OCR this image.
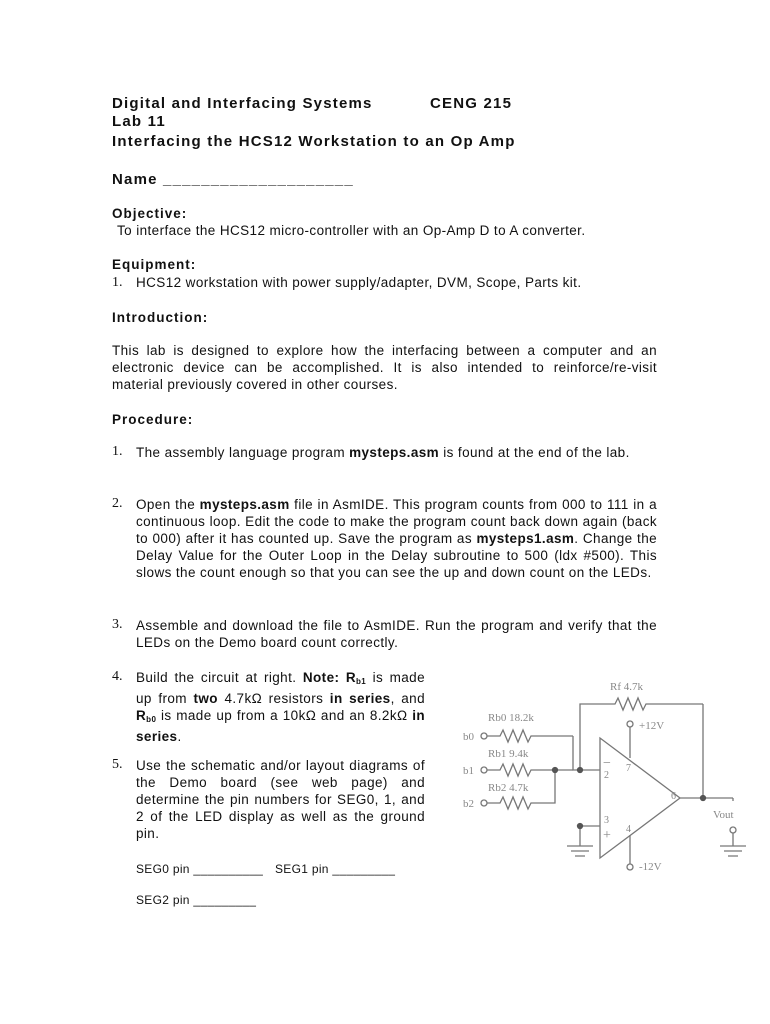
Digital and Interfacing Systems	CENG 215
Lab 11
Interfacing the HCS12 Workstation to an Op Amp
Name ____________________
Objective:
To interface the HCS12 micro-controller with an Op-Amp D to A converter.
Equipment:
1. HCS12 workstation with power supply/adapter, DVM, Scope, Parts kit.
Introduction:
This lab is designed to explore how the interfacing between a computer and an electronic device can be accomplished. It is also intended to reinforce/re-visit material previously covered in other courses.
Procedure:
1. The assembly language program mysteps.asm is found at the end of the lab.
2. Open the mysteps.asm file in AsmIDE. This program counts from 000 to 111 in a continuous loop. Edit the code to make the program count back down again (back to 000) after it has counted up. Save the program as mysteps1.asm. Change the Delay Value for the Outer Loop in the Delay subroutine to 500 (ldx #500). This slows the count enough so that you can see the up and down count on the LEDs.
3. Assemble and download the file to AsmIDE. Run the program and verify that the LEDs on the Demo board count correctly.
4. Build the circuit at right. Note: $R_{b1}$ is made up from two 4.7kΩ resistors in series, and $R_{b0}$ is made up from a 10kΩ and an 8.2kΩ in series.
5. Use the schematic and/or layout diagrams of the Demo board (see web page) and determine the pin numbers for SEG0, 1, and 2 of the LED display as well as the ground pin.
SEG0 pin __________ SEG1 pin _________
SEG2 pin _________
Rf 4.7k
Rb0 18.2k
Rb1 9.4k
Rb2 4.7k
b0
b1
b2
+12V
-12V
Vout
2
3
4
6
7
−
+
